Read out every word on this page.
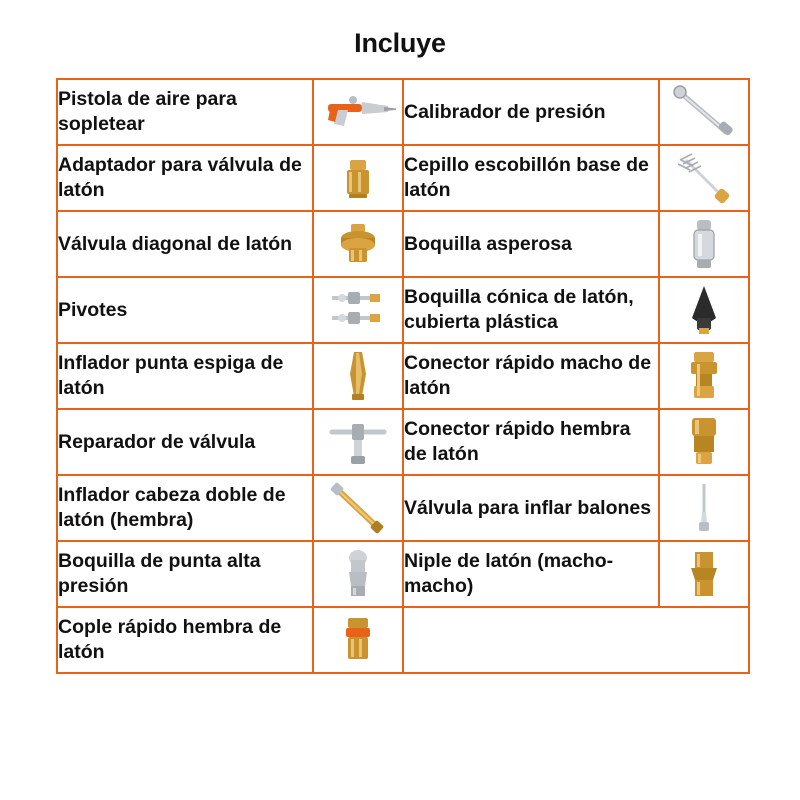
Incluye
Pistola de aire para sopletear		Calibrador de presión	

Adaptador para válvula de latón		Cepillo escobillón base de latón	

Válvula diagonal de latón		Boquilla asperosa	

Pivotes		Boquilla cónica de latón, cubierta plástica	

Inflador punta espiga de latón		Conector rápido macho de latón	

Reparador de válvula		Conector rápido hembra de latón	

Inflador cabeza doble de latón (hembra)		Válvula para inflar balones	

Boquilla de punta alta presión		Niple de latón (macho-macho)	

Cople rápido hembra de latón	
